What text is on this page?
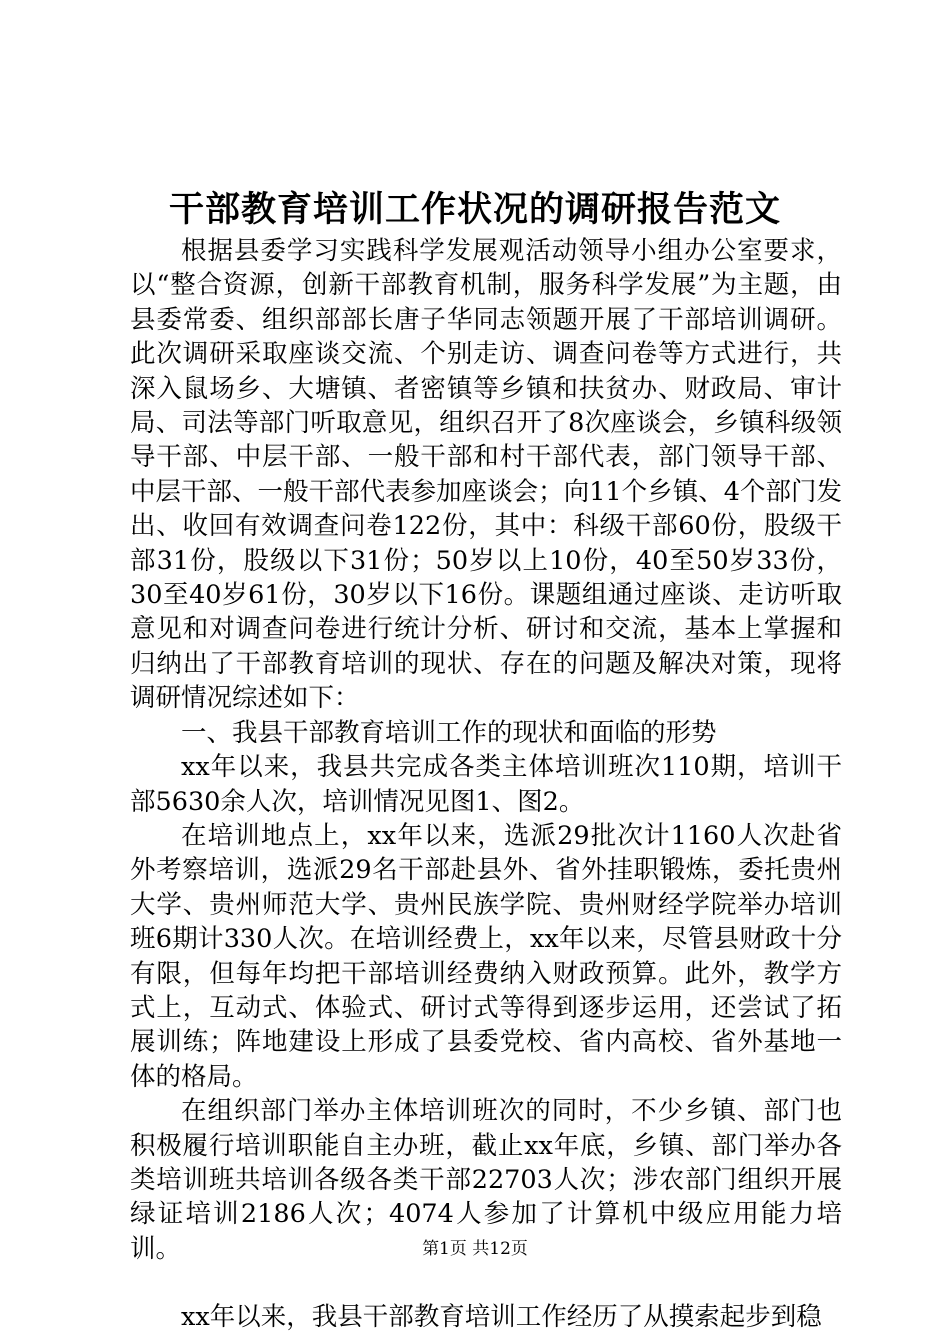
干部教育培训工作状况的调研报告范文

根据县委学习实践科学发展观活动领导小组办公室要求，以“整合资源，创新干部教育机制，服务科学发展”为主题，由县委常委、组织部部长唐子华同志领题开展了干部培训调研。此次调研采取座谈交流、个别走访、调查问卷等方式进行，共深入鼠场乡、大塘镇、者密镇等乡镇和扶贫办、财政局、审计局、司法等部门听取意见，组织召开了8次座谈会，乡镇科级领导干部、中层干部、一般干部和村干部代表，部门领导干部、中层干部、一般干部代表参加座谈会；向11个乡镇、4个部门发出、收回有效调查问卷122份，其中：科级干部60份，股级干部31份，股级以下31份；50岁以上10份，40至50岁33份，30至40岁61份，30岁以下16份。课题组通过座谈、走访听取意见和对调查问卷进行统计分析、研讨和交流，基本上掌握和归纳出了干部教育培训的现状、存在的问题及解决对策，现将调研情况综述如下：

一、我县干部教育培训工作的现状和面临的形势

xx年以来，我县共完成各类主体培训班次110期，培训干部5630余人次，培训情况见图1、图2。

在培训地点上，xx年以来，选派29批次计1160人次赴省外考察培训，选派29名干部赴县外、省外挂职锻炼，委托贵州大学、贵州师范大学、贵州民族学院、贵州财经学院举办培训班6期计330人次。在培训经费上，xx年以来，尽管县财政十分有限，但每年均把干部培训经费纳入财政预算。此外，教学方式上，互动式、体验式、研讨式等得到逐步运用，还尝试了拓展训练；阵地建设上形成了县委党校、省内高校、省外基地一体的格局。

在组织部门举办主体培训班次的同时，不少乡镇、部门也积极履行培训职能自主办班，截止xx年底，乡镇、部门举办各类培训班共培训各级各类干部22703人次；涉农部门组织开展绿证培训2186人次；4074人参加了计算机中级应用能力培训。

xx年以来，我县干部教育培训工作经历了从摸索起步到稳

第1页 共12页
